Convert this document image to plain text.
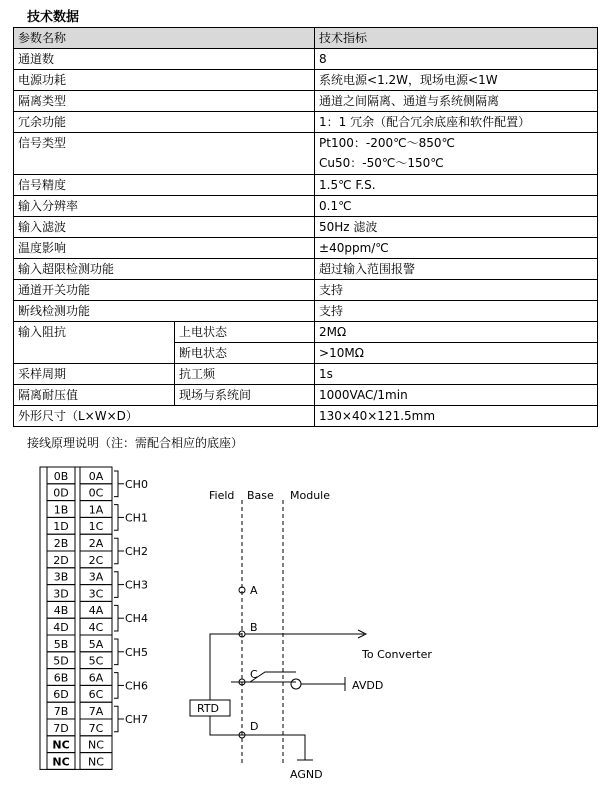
技术数据
参数名称		技术指标
通道数		8
电源功耗		系统电源<1.2W，现场电源<1W
隔离类型		通道之间隔离、通道与系统侧隔离
冗余功能		1：1 冗余（配合冗余底座和软件配置）
信号类型		Pt100：-200℃～850℃
Cu50：-50℃～150℃

信号精度		1.5℃ F.S.
输入分辨率		0.1℃
输入滤波		50Hz 滤波
温度影响		±40ppm/℃
输入超限检测功能		超过输入范围报警
通道开关功能		支持
断线检测功能		支持
输入阻抗	上电状态	2MΩ
	断电状态	>10MΩ
采样周期	抗工频	1s
隔离耐压值	现场与系统间	1000VAC/1min
外形尺寸（L×W×D）		130×40×121.5mm
接线原理说明（注：需配合相应的底座）
0B 0A
0D 0C
1B 1A
1D 1C
2B 2A
2D 2C
3B 3A
3D 3C
4B 4A
4D 4C
5B 5A
5D 5C
6B 6A
6D 6C
7B 7A
7D 7C
NC NC
NC NC
CH0
CH1
CH2
CH3
CH4
CH5
CH6
CH7
Field Base Module
A
B
C
D
RTD
To Converter
AVDD
AGND
